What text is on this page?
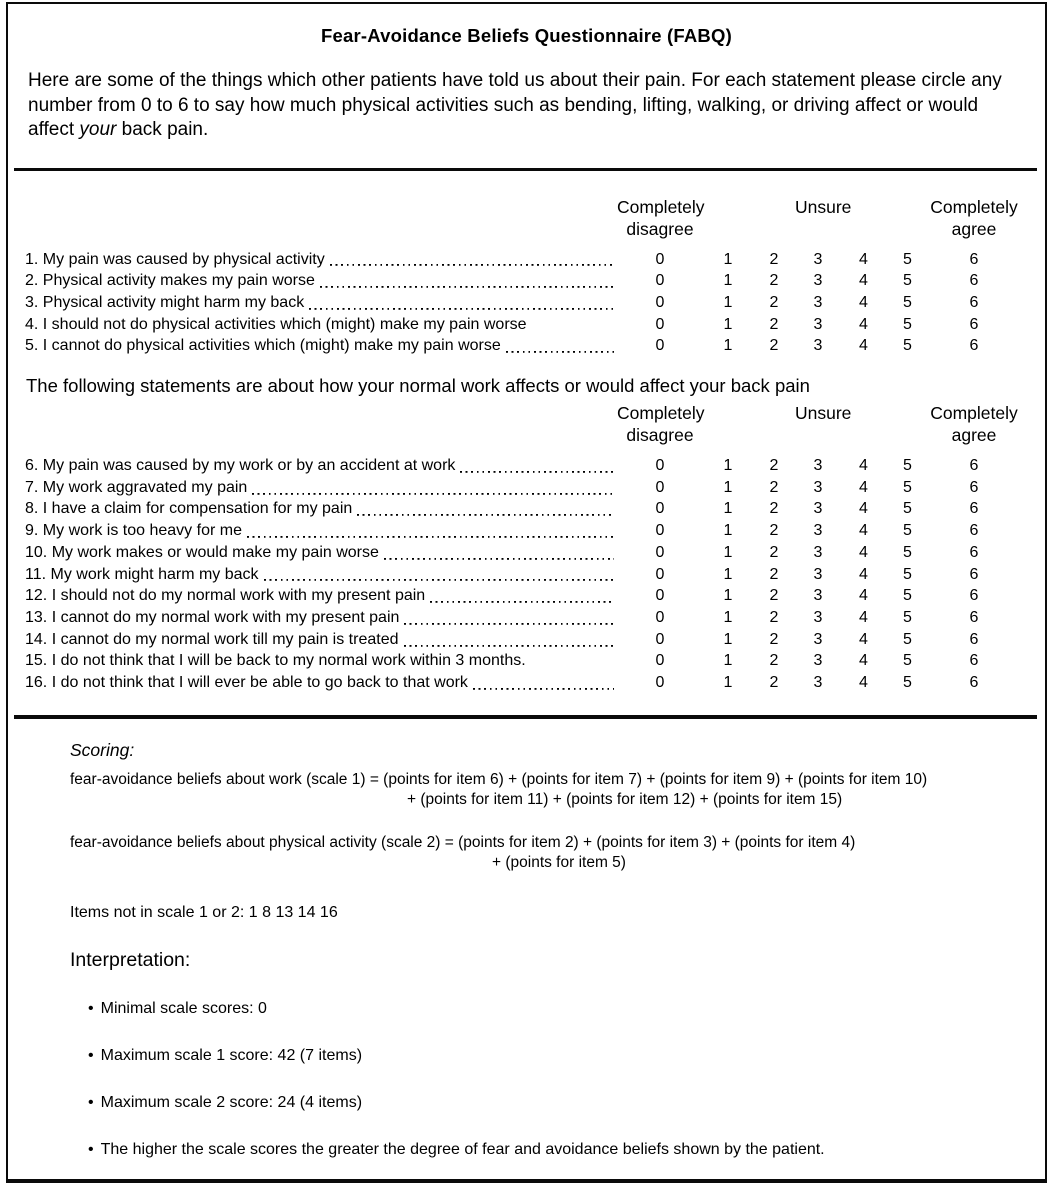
Fear-Avoidance Beliefs Questionnaire (FABQ)

Here are some of the things which other patients have told us about their pain. For each statement please circle any number from 0 to 6 to say how much physical activities such as bending, lifting, walking, or driving affect or would affect your back pain.

Completely
disagree
Unsure	Completely
agree
1. My pain was caused by physical activity	0	1	2	3	4	5	6
2. Physical activity makes my pain worse	0	1	2	3	4	5	6
3. Physical activity might harm my back	0	1	2	3	4	5	6
4. I should not do physical activities which (might) make my pain worse	0	1	2	3	4	5	6
5. I cannot do physical activities which (might) make my pain worse	0	1	2	3	4	5	6

The following statements are about how your normal work affects or would affect your back pain

Completely
disagree
Unsure	Completely
agree
6. My pain was caused by my work or by an accident at work	0	1	2	3	4	5	6
7. My work aggravated my pain	0	1	2	3	4	5	6
8. I have a claim for compensation for my pain	0	1	2	3	4	5	6
9. My work is too heavy for me	0	1	2	3	4	5	6
10. My work makes or would make my pain worse	0	1	2	3	4	5	6
11. My work might harm my back	0	1	2	3	4	5	6
12. I should not do my normal work with my present pain	0	1	2	3	4	5	6
13. I cannot do my normal work with my present pain	0	1	2	3	4	5	6
14. I cannot do my normal work till my pain is treated	0	1	2	3	4	5	6
15. I do not think that I will be back to my normal work within 3 months.	0	1	2	3	4	5	6
16. I do not think that I will ever be able to go back to that work	0	1	2	3	4	5	6
Scoring:
fear-avoidance beliefs about work (scale 1) = (points for item 6) + (points for item 7) + (points for item 9) + (points for item 10)
+ (points for item 11) + (points for item 12) + (points for item 15)
fear-avoidance beliefs about physical activity (scale 2) = (points for item 2) + (points for item 3) + (points for item 4)
+ (points for item 5)
Items not in scale 1 or 2: 1 8 13 14 16
Interpretation:
• Minimal scale scores: 0
• Maximum scale 1 score: 42 (7 items)
• Maximum scale 2 score: 24 (4 items)
• The higher the scale scores the greater the degree of fear and avoidance beliefs shown by the patient.
